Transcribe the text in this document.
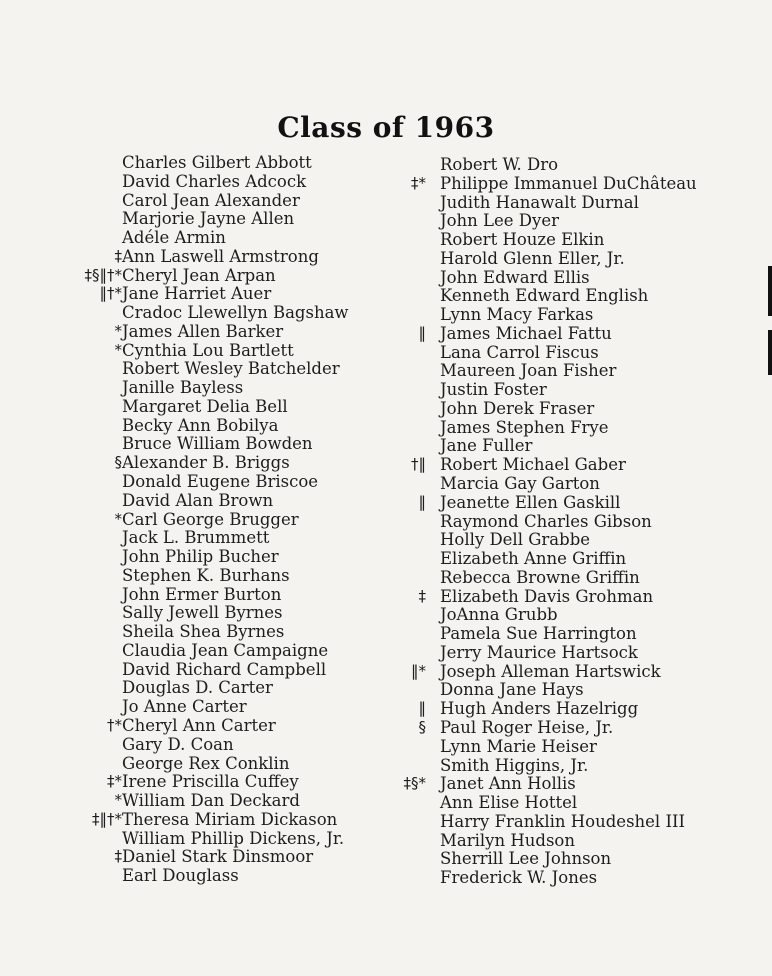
Class of 1963
Charles Gilbert Abbott
David Charles Adcock
Carol Jean Alexander
Marjorie Jayne Allen
Adéle Armin
‡ Ann Laswell Armstrong
‡§‖†* Cheryl Jean Arpan
‖†* Jane Harriet Auer
Cradoc Llewellyn Bagshaw
* James Allen Barker
* Cynthia Lou Bartlett
Robert Wesley Batchelder
Janille Bayless
Margaret Delia Bell
Becky Ann Bobilya
Bruce William Bowden
§ Alexander B. Briggs
Donald Eugene Briscoe
David Alan Brown
* Carl George Brugger
Jack L. Brummett
John Philip Bucher
Stephen K. Burhans
John Ermer Burton
Sally Jewell Byrnes
Sheila Shea Byrnes
Claudia Jean Campaigne
David Richard Campbell
Douglas D. Carter
Jo Anne Carter
†* Cheryl Ann Carter
Gary D. Coan
George Rex Conklin
‡* Irene Priscilla Cuffey
* William Dan Deckard
‡‖†* Theresa Miriam Dickason
William Phillip Dickens, Jr.
‡ Daniel Stark Dinsmoor
Earl Douglass
Robert W. Dro
‡* Philippe Immanuel DuChâteau
Judith Hanawalt Durnal
John Lee Dyer
Robert Houze Elkin
Harold Glenn Eller, Jr.
John Edward Ellis
Kenneth Edward English
Lynn Macy Farkas
‖ James Michael Fattu
Lana Carrol Fiscus
Maureen Joan Fisher
Justin Foster
John Derek Fraser
James Stephen Frye
Jane Fuller
†‖ Robert Michael Gaber
Marcia Gay Garton
‖ Jeanette Ellen Gaskill
Raymond Charles Gibson
Holly Dell Grabbe
Elizabeth Anne Griffin
Rebecca Browne Griffin
‡ Elizabeth Davis Grohman
JoAnna Grubb
Pamela Sue Harrington
Jerry Maurice Hartsock
‖* Joseph Alleman Hartswick
Donna Jane Hays
‖ Hugh Anders Hazelrigg
§ Paul Roger Heise, Jr.
Lynn Marie Heiser
Smith Higgins, Jr.
‡§* Janet Ann Hollis
Ann Elise Hottel
Harry Franklin Houdeshel III
Marilyn Hudson
Sherrill Lee Johnson
Frederick W. Jones
